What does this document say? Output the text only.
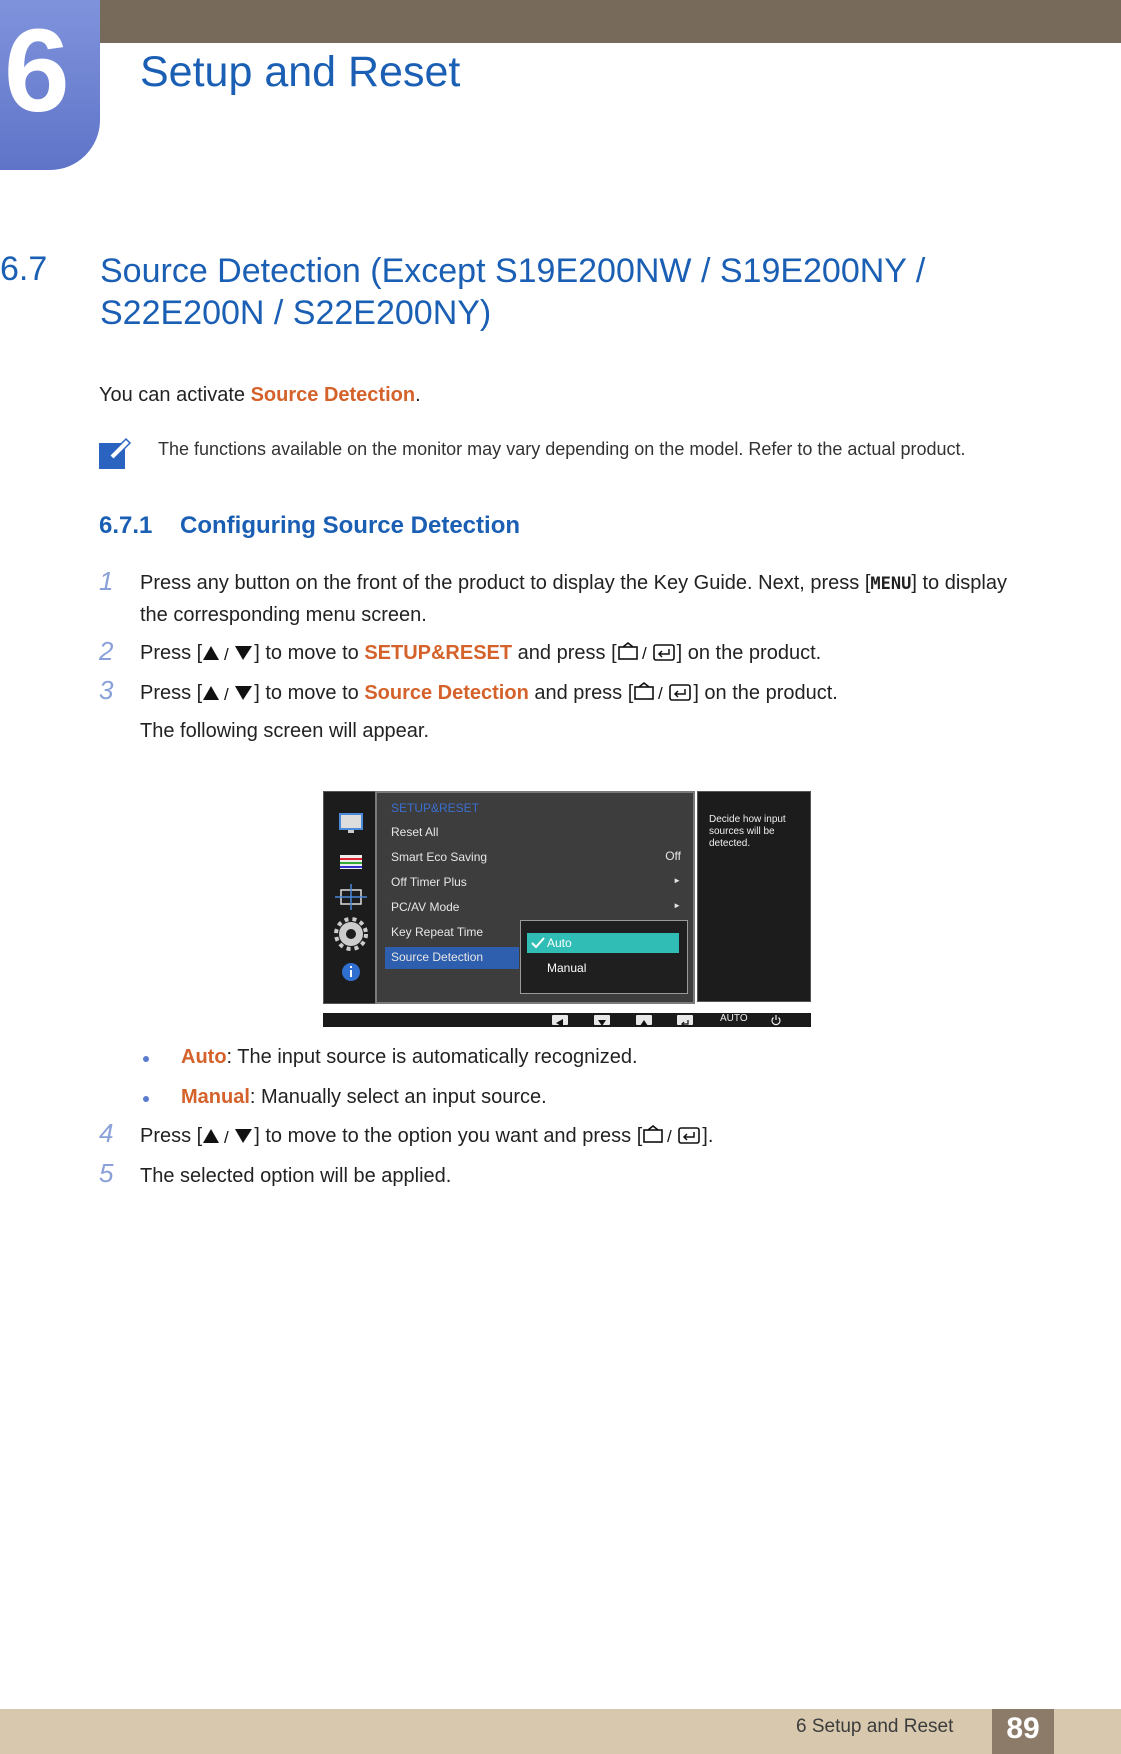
6 Setup and Reset
6.7 Source Detection (Except S19E200NW / S19E200NY / S22E200N / S22E200NY)
You can activate Source Detection.
The functions available on the monitor may vary depending on the model. Refer to the actual product.
6.7.1 Configuring Source Detection
1 Press any button on the front of the product to display the Key Guide. Next, press [MENU] to display the corresponding menu screen.
2 Press [ / ] to move to SETUP&RESET and press [ / ] on the product.
3 Press [ / ] to move to Source Detection and press [ / ] on the product.
The following screen will appear.
SETUP&RESET
Reset All
Smart Eco Saving	Off
Off Timer Plus	►
PC/AV Mode	►
Key Repeat Time
Source Detection
Auto
Manual
Decide how input sources will be detected.
AUTO
Auto: The input source is automatically recognized.
Manual: Manually select an input source.
4 Press [ / ] to move to the option you want and press [ / ].
5 The selected option will be applied.
6 Setup and Reset	89
